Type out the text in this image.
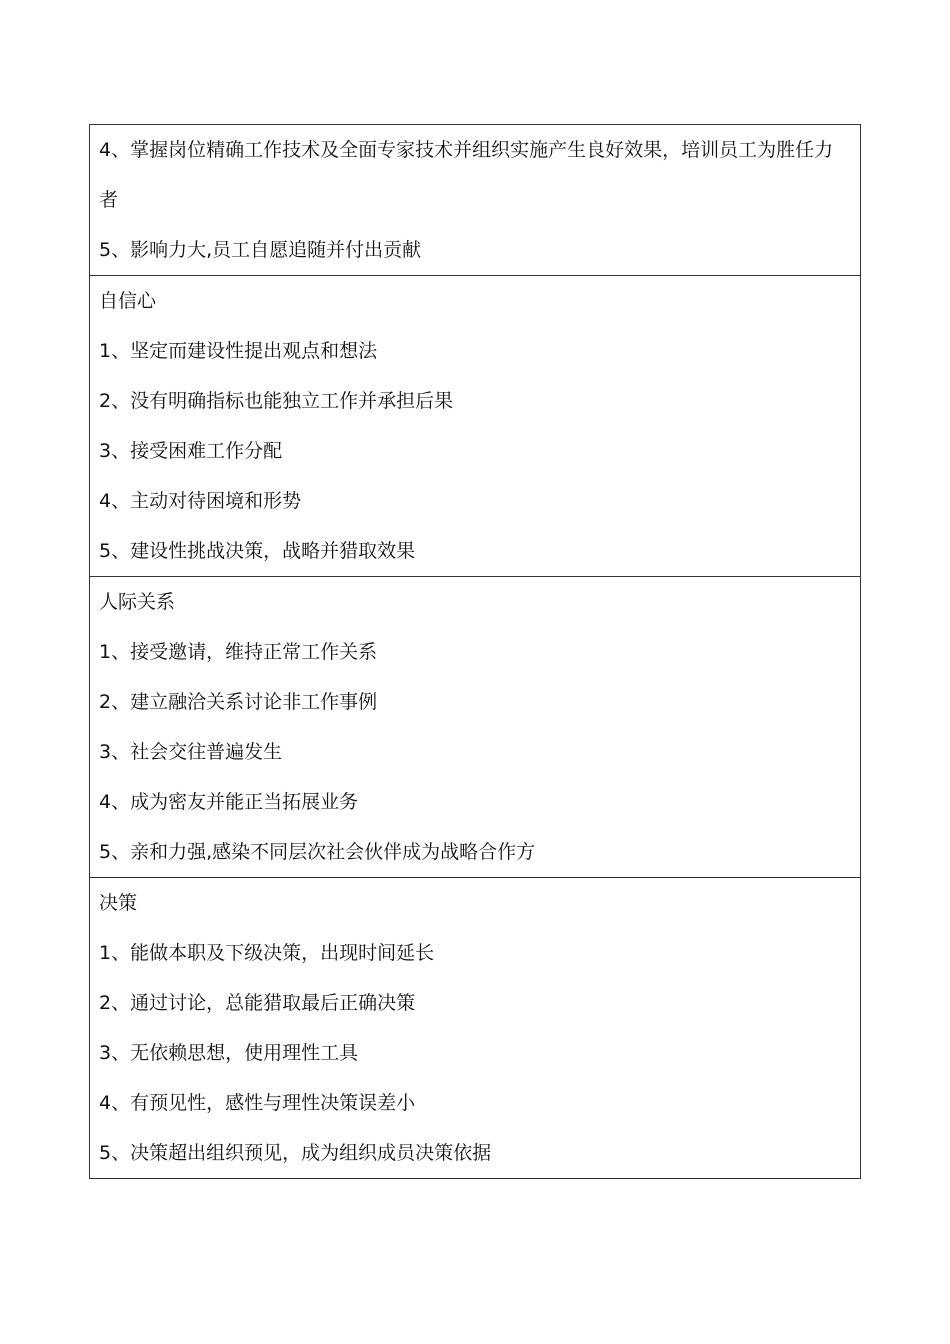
4、掌握岗位精确工作技术及全面专家技术并组织实施产生良好效果，培训员工为胜任力
者
5、影响力大,员工自愿追随并付出贡献
自信心
1、坚定而建设性提出观点和想法
2、没有明确指标也能独立工作并承担后果
3、接受困难工作分配
4、主动对待困境和形势
5、建设性挑战决策，战略并猎取效果
人际关系
1、接受邀请，维持正常工作关系
2、建立融洽关系讨论非工作事例
3、社会交往普遍发生
4、成为密友并能正当拓展业务
5、亲和力强,感染不同层次社会伙伴成为战略合作方
决策
1、能做本职及下级决策，出现时间延长
2、通过讨论，总能猎取最后正确决策
3、无依赖思想，使用理性工具
4、有预见性，感性与理性决策误差小
5、决策超出组织预见，成为组织成员决策依据
